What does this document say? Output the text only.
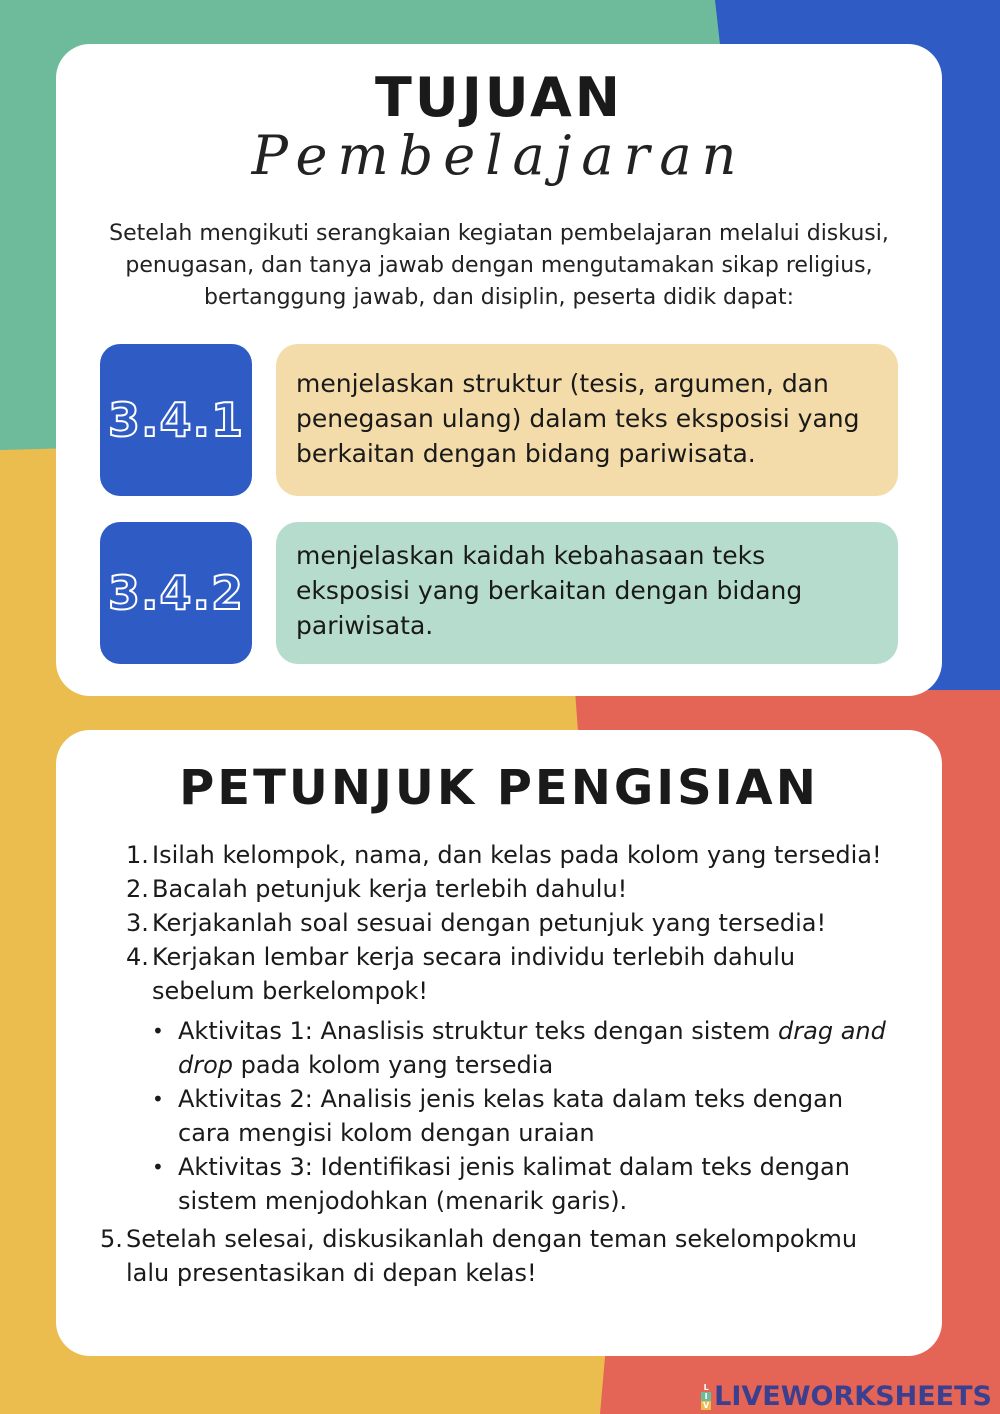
TUJUAN
Pembelajaran
Setelah mengikuti serangkaian kegiatan pembelajaran melalui diskusi, penugasan, dan tanya jawab dengan mengutamakan sikap religius, bertanggung jawab, dan disiplin, peserta didik dapat:
3.4.1
menjelaskan struktur (tesis, argumen, dan penegasan ulang) dalam teks eksposisi yang berkaitan dengan bidang pariwisata.
3.4.2
menjelaskan kaidah kebahasaan teks eksposisi yang berkaitan dengan bidang pariwisata.
PETUNJUK PENGISIAN
1. Isilah kelompok, nama, dan kelas pada kolom yang tersedia!
2. Bacalah petunjuk kerja terlebih dahulu!
3. Kerjakanlah soal sesuai dengan petunjuk yang tersedia!
4. Kerjakan lembar kerja secara individu terlebih dahulu sebelum berkelompok!
• Aktivitas 1: Anaslisis struktur teks dengan sistem drag and drop pada kolom yang tersedia
• Aktivitas 2: Analisis jenis kelas kata dalam teks dengan cara mengisi kolom dengan uraian
• Aktivitas 3: Identifikasi jenis kalimat dalam teks dengan sistem menjodohkan (menarik garis).
5. Setelah selesai, diskusikanlah dengan teman sekelompokmu lalu presentasikan di depan kelas!
L
I
V LIVEWORKSHEETS
